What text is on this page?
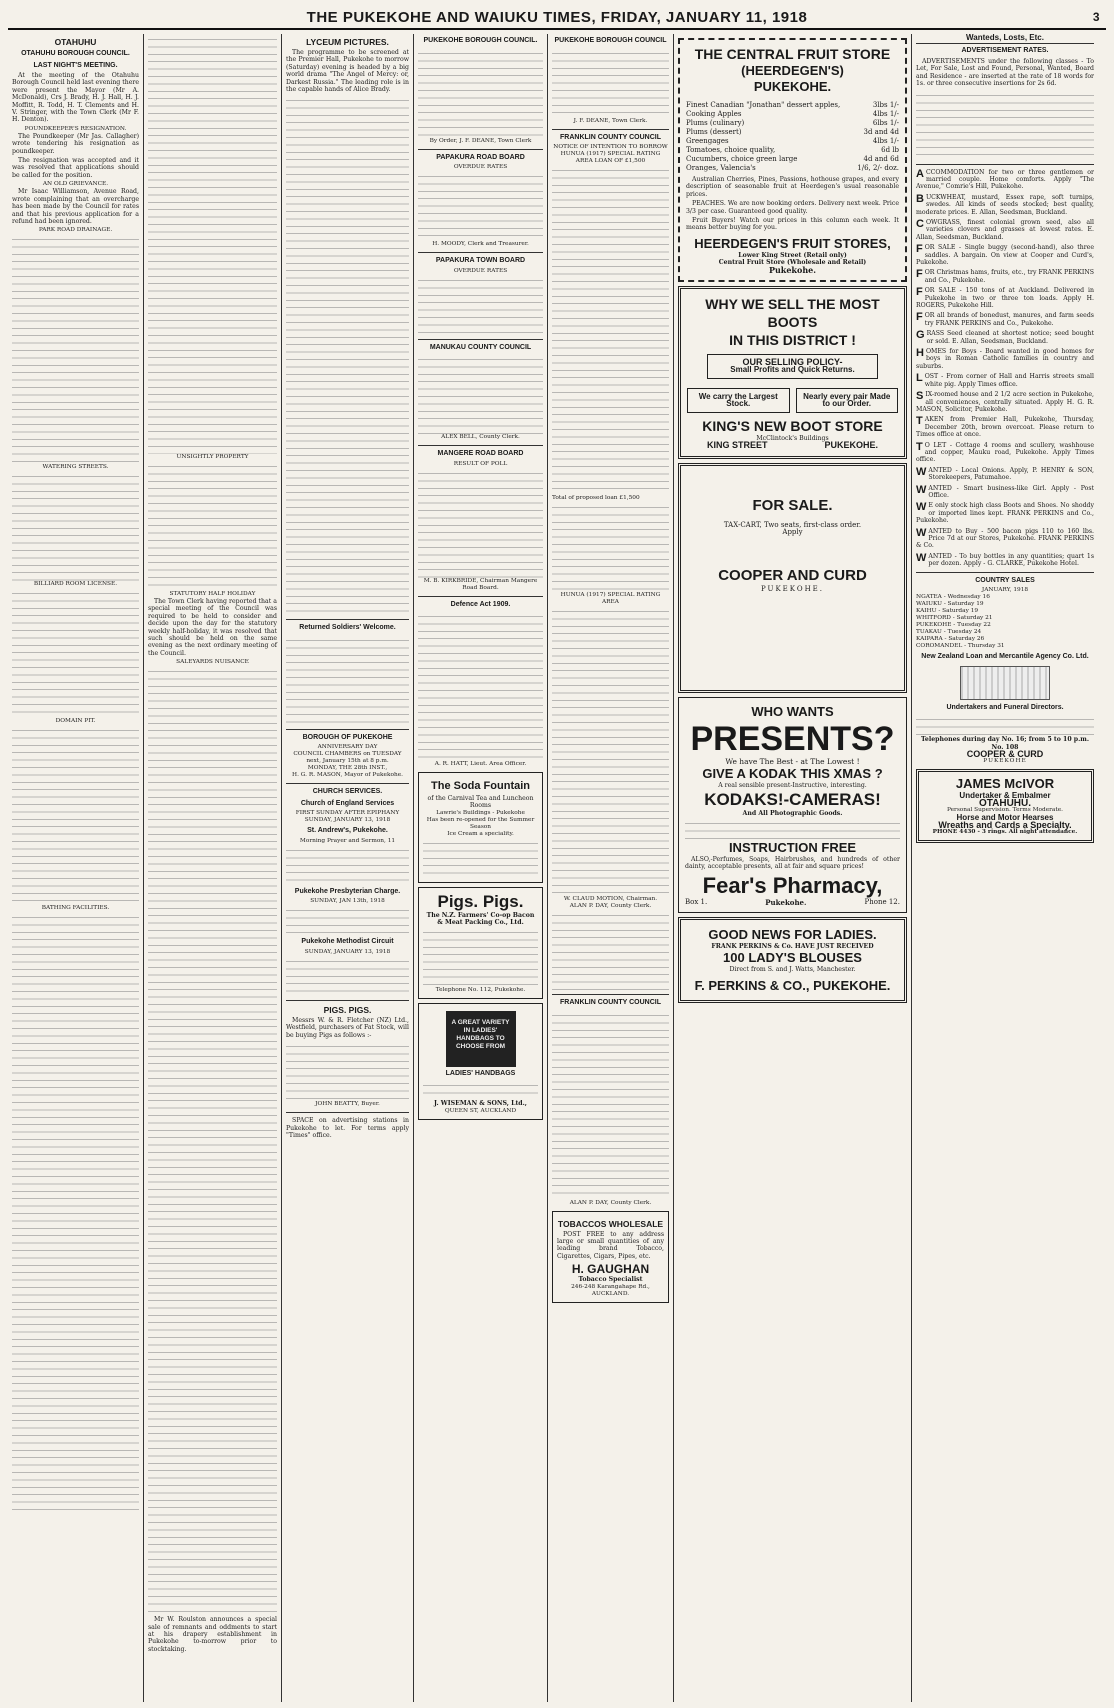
THE PUKEKOHE AND WAIUKU TIMES, FRIDAY, JANUARY 11, 1918	3
OTAHUHU
OTAHUHU BOROUGH COUNCIL.
LAST NIGHT'S MEETING.

At the meeting of the Otahuhu Borough Council held last evening there were present the Mayor (Mr A. McDonald), Crs J. Brady, H. J. Hall, H. J. Moffitt, R. Todd, H. T. Clements and H. V. Stringer, with the Town Clerk (Mr F. H. Denton).

POUNDKEEPER'S RESIGNATION.

The Poundkeeper (Mr Jas. Callagher) wrote tendering his resignation as poundkeeper.

The resignation was accepted and it was resolved that applications should be called for the position.

AN OLD GRIEVANCE.

Mr Isaac Williamson, Avenue Road, wrote complaining that an overcharge has been made by the Council for rates and that his previous application for a refund had been ignored.

PARK ROAD DRAINAGE.
WATERING STREETS.
BILLIARD ROOM LICENSE.
DOMAIN PIT.
BATHING FACILITIES.
UNSIGHTLY PROPERTY
STATUTORY HALF HOLIDAY

The Town Clerk having reported that a special meeting of the Council was required to be held to consider and decide upon the day for the statutory weekly half-holiday, it was resolved that such should be held on the same evening as the next ordinary meeting of the Council.

SALEYARDS NUISANCE

Mr W. Roulston announces a special sale of remnants and oddments to start at his drapery establishment in Pukekohe to-morrow prior to stocktaking.

LYCEUM PICTURES.

The programme to be screened at the Premier Hall, Pukekohe to morrow (Saturday) evening is headed by a big world drama "The Angel of Mercy: or, Darkest Russia." The leading role is in the capable hands of Alice Brady.

Returned Soldiers' Welcome.
BOROUGH OF PUKEKOHE
ANNIVERSARY DAY
COUNCIL CHAMBERS on TUESDAY next, January 15th at 8 p.m.
MONDAY, THE 28th INST.,
H. G. R. MASON, Mayor of Pukekohe.
CHURCH SERVICES.
Church of England Services
FIRST SUNDAY AFTER EPIPHANY
SUNDAY, JANUARY 13, 1918
St. Andrew's, Pukekohe.
Morning Prayer and Sermon, 11
Pukekohe Presbyterian Charge.
SUNDAY, JAN 13th, 1918
Pukekohe Methodist Circuit
SUNDAY, JANUARY 13, 1918
PIGS. PIGS.

Messrs W. & R. Fletcher (NZ) Ltd., Westfield, purchasers of Fat Stock, will be buying Pigs as follows :-

JOHN BEATTY, Buyer.

SPACE on advertising stations in Pukekohe to let. For terms apply "Times" office.

PUKEKOHE BOROUGH COUNCIL.
By Order, J. F. DEANE, Town Clerk
PAPAKURA ROAD BOARD
OVERDUE RATES
H. MOODY, Clerk and Treasurer.
PAPAKURA TOWN BOARD
OVERDUE RATES
MANUKAU COUNTY COUNCIL
ALEX BELL, County Clerk.
MANGERE ROAD BOARD
RESULT OF POLL
M. B. KIRKBRIDE, Chairman Mangere Road Board.
Defence Act 1909.
A. R. HATT, Lieut. Area Officer.
The Soda Fountain
of the Carnival Tea and Luncheon Rooms
Lawrie's Buildings - Pukekohe
Has been re-opened for the Summer Season
Ice Cream a speciality.
Pigs. Pigs.
The N.Z. Farmers' Co-op Bacon & Meat Packing Co., Ltd.
Telephone No. 112, Pukekohe.
A GREAT VARIETY IN LADIES' HANDBAGS TO CHOOSE FROM
LADIES' HANDBAGS
J. WISEMAN & SONS, Ltd.,
QUEEN ST, AUCKLAND
PUKEKOHE BOROUGH COUNCIL
J. F. DEANE, Town Clerk.
FRANKLIN COUNTY COUNCIL
NOTICE OF INTENTION TO BORROW
HUNUA (1917) SPECIAL RATING AREA LOAN OF £1,500
Total of proposed loan £1,500
HUNUA (1917) SPECIAL RATING AREA
W. CLAUD MOTION, Chairman.
ALAN P. DAY, County Clerk.
FRANKLIN COUNTY COUNCIL
ALAN P. DAY, County Clerk.
TOBACCOS WHOLESALE

POST FREE to any address large or small quantities of any leading brand Tobacco, Cigarettes, Cigars, Pipes, etc.

H. GAUGHAN
Tobacco Specialist
246-248 Karangahape Rd., AUCKLAND.
THE CENTRAL FRUIT STORE
(HEERDEGEN'S)
PUKEKOHE.
Finest Canadian "Jonathan" dessert apples,	3lbs 1/-
Cooking Apples	4lbs 1/-
Plums (culinary)	6lbs 1/-
Plums (dessert)	3d and 4d
Greengages	4lbs 1/-
Tomatoes, choice quality,	6d lb
Cucumbers, choice green large	4d and 6d
Oranges, Valencia's	1/6, 2/- doz.

Australian Cherries, Pines, Passions, hothouse grapes, and every description of seasonable fruit at Heerdegen's usual reasonable prices.

PEACHES. We are now booking orders. Delivery next week. Price 3/3 per case. Guaranteed good quality.

Fruit Buyers! Watch our prices in this column each week. It means better buying for you.

HEERDEGEN'S FRUIT STORES,
Lower King Street (Retail only)
Central Fruit Store (Wholesale and Retail)
Pukekohe.
WHY WE SELL THE MOST BOOTS
IN THIS DISTRICT !
OUR SELLING POLICY-
Small Profits and Quick Returns.
We carry the Largest Stock.
Nearly every pair Made to our Order.
KING'S NEW BOOT STORE
McClintock's Buildings
KING STREET	PUKEKOHE.
FOR SALE.
TAX-CART, Two seats, first-class order.
Apply
COOPER AND CURD
PUKEKOHE.
WHO WANTS
PRESENTS?
We have The Best - at The Lowest !
GIVE A KODAK THIS XMAS ?
A real sensible present-Instructive, interesting.
KODAKS!-CAMERAS!
And All Photographic Goods.
INSTRUCTION FREE

ALSO,-Perfumes, Soaps, Hairbrushes, and hundreds of other dainty, acceptable presents, all at fair and square prices!

Fear's Pharmacy,
Box 1.	Pukekohe.	Phone 12.
GOOD NEWS FOR LADIES.
FRANK PERKINS & Co. HAVE JUST RECEIVED
100 LADY'S BLOUSES
Direct from S. and J. Watts, Manchester.
F. PERKINS & CO., PUKEKOHE.
Wanteds, Losts, Etc.
ADVERTISEMENT RATES.

ADVERTISEMENTS under the following classes - To Let, For Sale, Lost and Found, Personal, Wanted, Board and Residence - are inserted at the rate of 18 words for 1s. or three consecutive insertions for 2s 6d.

ACCOMMODATION for two or three gentlemen or married couple. Home comforts. Apply "The Avenue," Comrie's Hill, Pukekohe.
BUCKWHEAT, mustard, Essex rape, soft turnips, swedes. All kinds of seeds stocked; best quality, moderate prices. E. Allan, Seedsman, Buckland.
COWGRASS, finest colonial grown seed, also all varieties clovers and grasses at lowest rates. E. Allan, Seedsman, Buckland.
FOR SALE - Single buggy (second-hand), also three saddles. A bargain. On view at Cooper and Curd's, Pukekohe.
FOR Christmas hams, fruits, etc., try FRANK PERKINS and Co., Pukekohe.
FOR SALE - 150 tons of at Auckland. Delivered in Pukekohe in two or three ton loads. Apply H. ROGERS, Pukekohe Hill.
FOR all brands of bonedust, manures, and farm seeds try FRANK PERKINS and Co., Pukekohe.
GRASS Seed cleaned at shortest notice; seed bought or sold. E. Allan, Seedsman, Buckland.
HOMES for Boys - Board wanted in good homes for boys in Roman Catholic families in country and suburbs.
LOST - From corner of Hall and Harris streets small white pig. Apply Times office.
SIX-roomed house and 2 1/2 acre section in Pukekohe, all conveniences, centrally situated. Apply H. G. R. MASON, Solicitor, Pukekohe.
TAKEN from Premier Hall, Pukekohe, Thursday, December 20th, brown overcoat. Please return to Times office at once.
T O LET - Cottage 4 rooms and scullery, washhouse and copper, Mauku road, Pukekohe. Apply Times office.
WANTED - Local Onions. Apply, P. HENRY & SON, Storekeepers, Patumahoe.
WANTED - Smart business-like Girl. Apply - Post Office.
W E only stock high class Boots and Shoes. No shoddy or imported lines kept. FRANK PERKINS and Co., Pukekohe.
WANTED to Buy - 500 bacon pigs 110 to 160 lbs. Price 7d at our Stores, Pukekohe. FRANK PERKINS & Co.
WANTED - To buy bottles in any quantities; quart 1s per dozen. Apply - G. CLARKE, Pukekohe Hotel.
COUNTRY SALES
JANUARY, 1918
NGATEA - Wednesday 16
WAIUKU - Saturday 19
KAIHU - Saturday 19
WHITFORD - Saturday 21
PUKEKOHE - Tuesday 22
TUAKAU - Tuesday 24
KAIPARA - Saturday 26
COROMANDEL - Thursday 31
New Zealand Loan and Mercantile Agency Co. Ltd.
Undertakers and Funeral Directors.
Telephones during day No. 16; from 5 to 10 p.m. No. 108
COOPER & CURD
PUKEKOHE
JAMES McIVOR
Undertaker & Embalmer
OTAHUHU.
Personal Supervision. Terms Moderate.
Horse and Motor Hearses
Wreaths and Cards a Specialty.
PHONE 4430 - 3 rings. All night attendance.
